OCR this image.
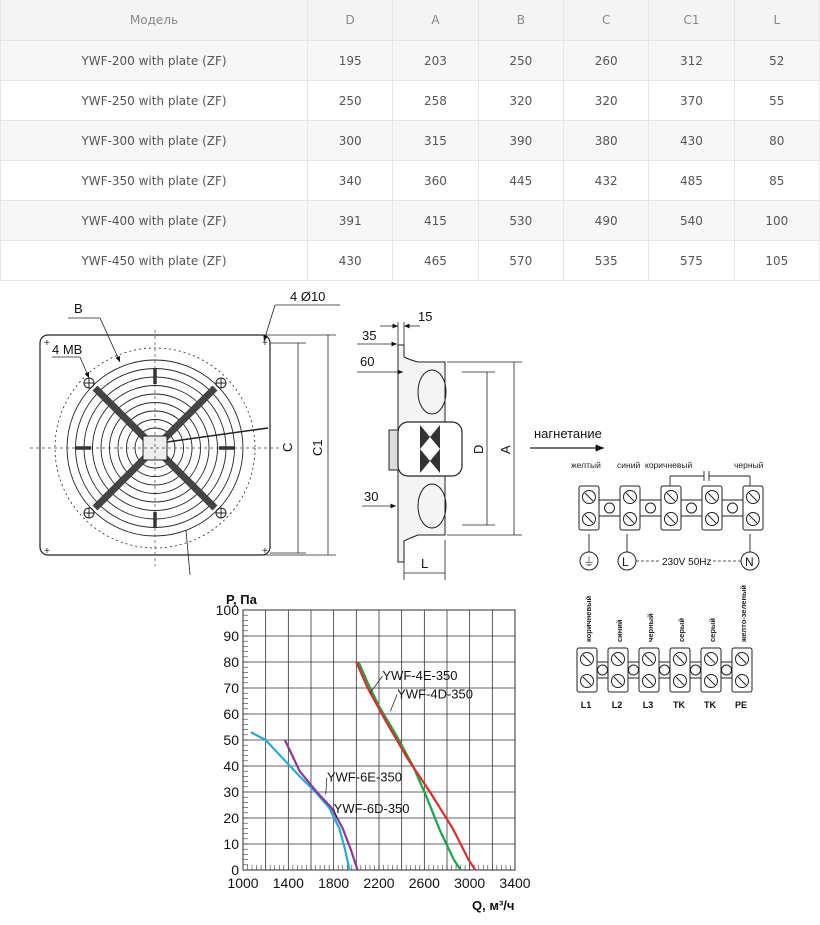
Модель	D	A	B	C	C1	L
YWF-200 with plate (ZF)	195	203	250	260	312	52
YWF-250 with plate (ZF)	250	258	320	320	370	55
YWF-300 with plate (ZF)	300	315	390	380	430	80
YWF-350 with plate (ZF)	340	360	445	432	485	85
YWF-400 with plate (ZF)	391	415	530	490	540	100
YWF-450 with plate (ZF)	430	465	570	535	575	105
+	+
+	+
B
4 Ø10
4 MB
C C1
15
35
60
30
D A
L
нагнетание
желтый синий коричневый	черный
⏚ L	N
230V 50Hz
коричневый	синий	черный	серый	серый	желто-зеленый
L1 L2 L3 TK TK PE
0
10
20
30
40
50
60
70
80
90
100
1000 1400 1800 2200 2600 3000 3400
YWF-4E-350
YWF-4D-350
YWF-6E-350
YWF-6D-350
P, Па
Q, м³/ч
